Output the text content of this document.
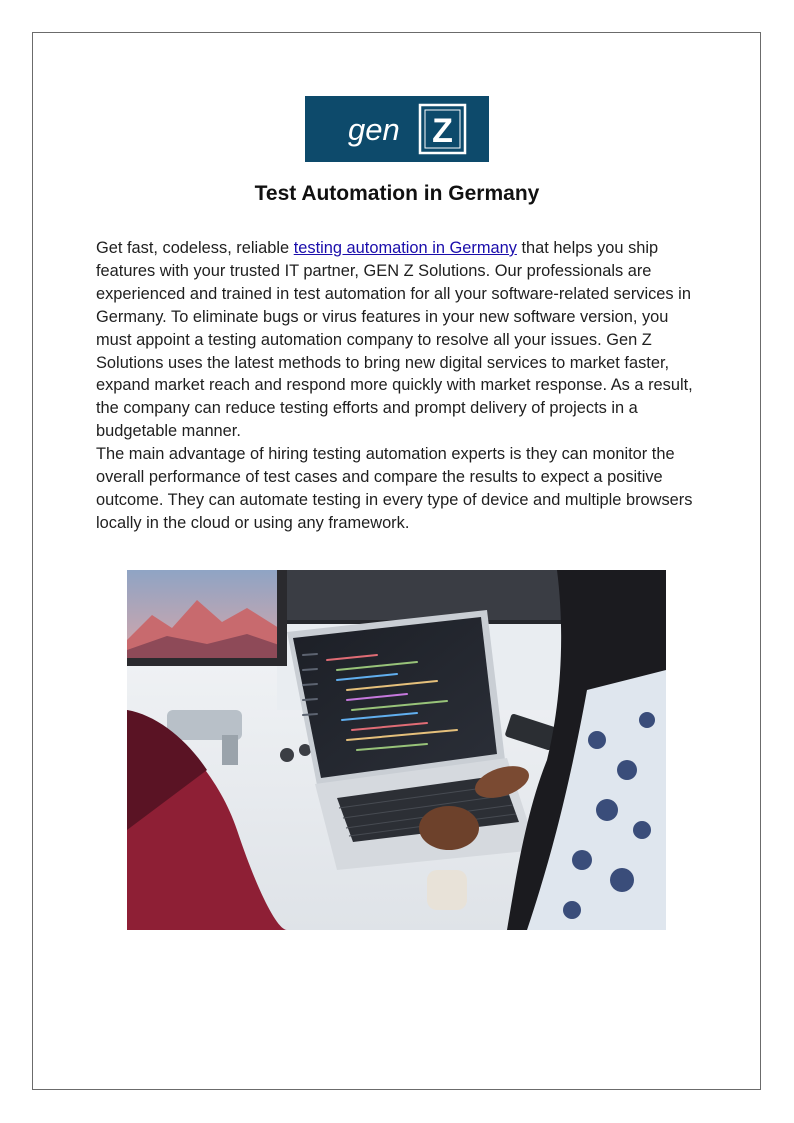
gen Z
Test Automation in Germany

Get fast, codeless, reliable testing automation in Germany that helps you ship features with your trusted IT partner, GEN Z Solutions. Our professionals are experienced and trained in test automation for all your software-related services in Germany. To eliminate bugs or virus features in your new software version, you must appoint a testing automation company to resolve all your issues. Gen Z Solutions uses the latest methods to bring new digital services to market faster, expand market reach and respond more quickly with market response. As a result, the company can reduce testing efforts and prompt delivery of projects in a budgetable manner.

The main advantage of hiring testing automation experts is they can monitor the overall performance of test cases and compare the results to expect a positive outcome. They can automate testing in every type of device and multiple browsers locally in the cloud or using any framework.
